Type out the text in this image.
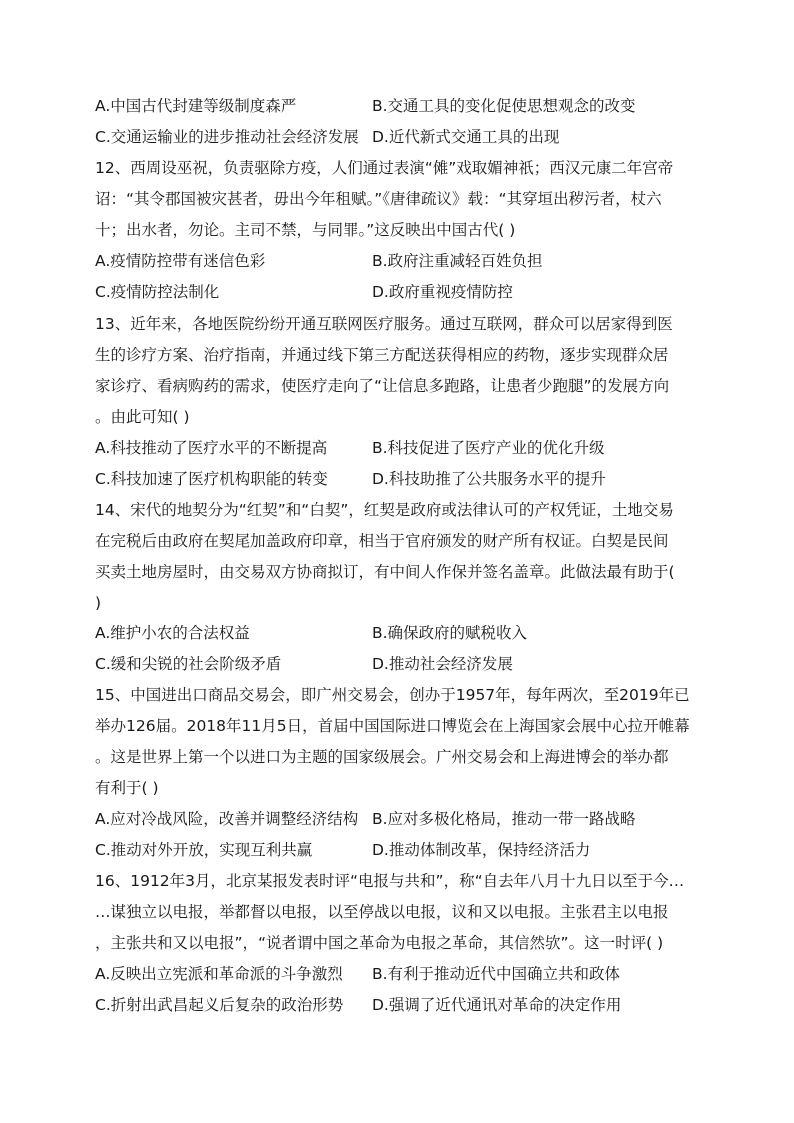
A.中国古代封建等级制度森严	B.交通工具的变化促使思想观念的改变
C.交通运输业的进步推动社会经济发展 D.近代新式交通工具的出现
12、西周设巫祝，负责驱除方疫，人们通过表演“傩”戏取媚神祇；西汉元康二年宫帝
诏：“其令郡国被灾甚者，毋出今年租赋。”《唐律疏议》载：“其穿垣出秽污者，杖六
十；出水者，勿论。主司不禁，与同罪。”这反映出中国古代( )
A.疫情防控带有迷信色彩	B.政府注重减轻百姓负担
C.疫情防控法制化	D.政府重视疫情防控
13、近年来，各地医院纷纷开通互联网医疗服务。通过互联网，群众可以居家得到医
生的诊疗方案、治疗指南，并通过线下第三方配送获得相应的药物，逐步实现群众居
家诊疗、看病购药的需求，使医疗走向了“让信息多跑路，让患者少跑腿”的发展方向
。由此可知( )
A.科技推动了医疗水平的不断提高	B.科技促进了医疗产业的优化升级
C.科技加速了医疗机构职能的转变	D.科技助推了公共服务水平的提升
14、宋代的地契分为“红契”和“白契”，红契是政府或法律认可的产权凭证，土地交易
在完税后由政府在契尾加盖政府印章，相当于官府颁发的财产所有权证。白契是民间
买卖土地房屋时，由交易双方协商拟订，有中间人作保并签名盖章。此做法最有助于(
)
A.维护小农的合法权益	B.确保政府的赋税收入
C.缓和尖锐的社会阶级矛盾	D.推动社会经济发展
15、中国进出口商品交易会，即广州交易会，创办于1957年，每年两次，至2019年已
举办126届。2018年11月5日，首届中国国际进口博览会在上海国家会展中心拉开帷幕
。这是世界上第一个以进口为主题的国家级展会。广州交易会和上海进博会的举办都
有利于( )
A.应对冷战风险，改善并调整经济结构 B.应对多极化格局，推动一带一路战略
C.推动对外开放，实现互利共赢	D.推动体制改革，保持经济活力
16、1912年3月，北京某报发表时评“电报与共和”，称“自去年八月十九日以至于今…
…谋独立以电报，举都督以电报，以至停战以电报，议和又以电报。主张君主以电报
，主张共和又以电报”，“说者谓中国之革命为电报之革命，其信然欤”。这一时评( )
A.反映出立宪派和革命派的斗争激烈 B.有利于推动近代中国确立共和政体
C.折射出武昌起义后复杂的政治形势 D.强调了近代通讯对革命的决定作用
